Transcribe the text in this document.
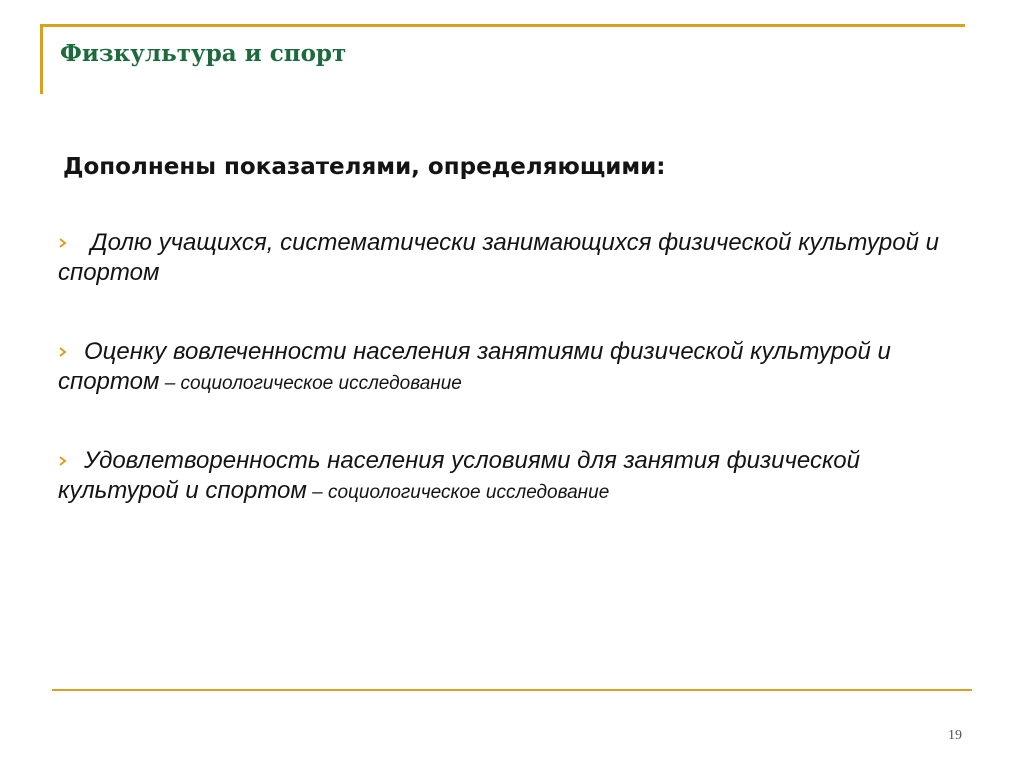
Физкультура и спорт
Дополнены показателями, определяющими:
Долю учащихся, систематически занимающихся физической культурой и спортом
Оценку вовлеченности населения занятиями физической культурой и спортом – социологическое исследование
Удовлетворенность населения условиями для занятия физической культурой и спортом – социологическое исследование
19
